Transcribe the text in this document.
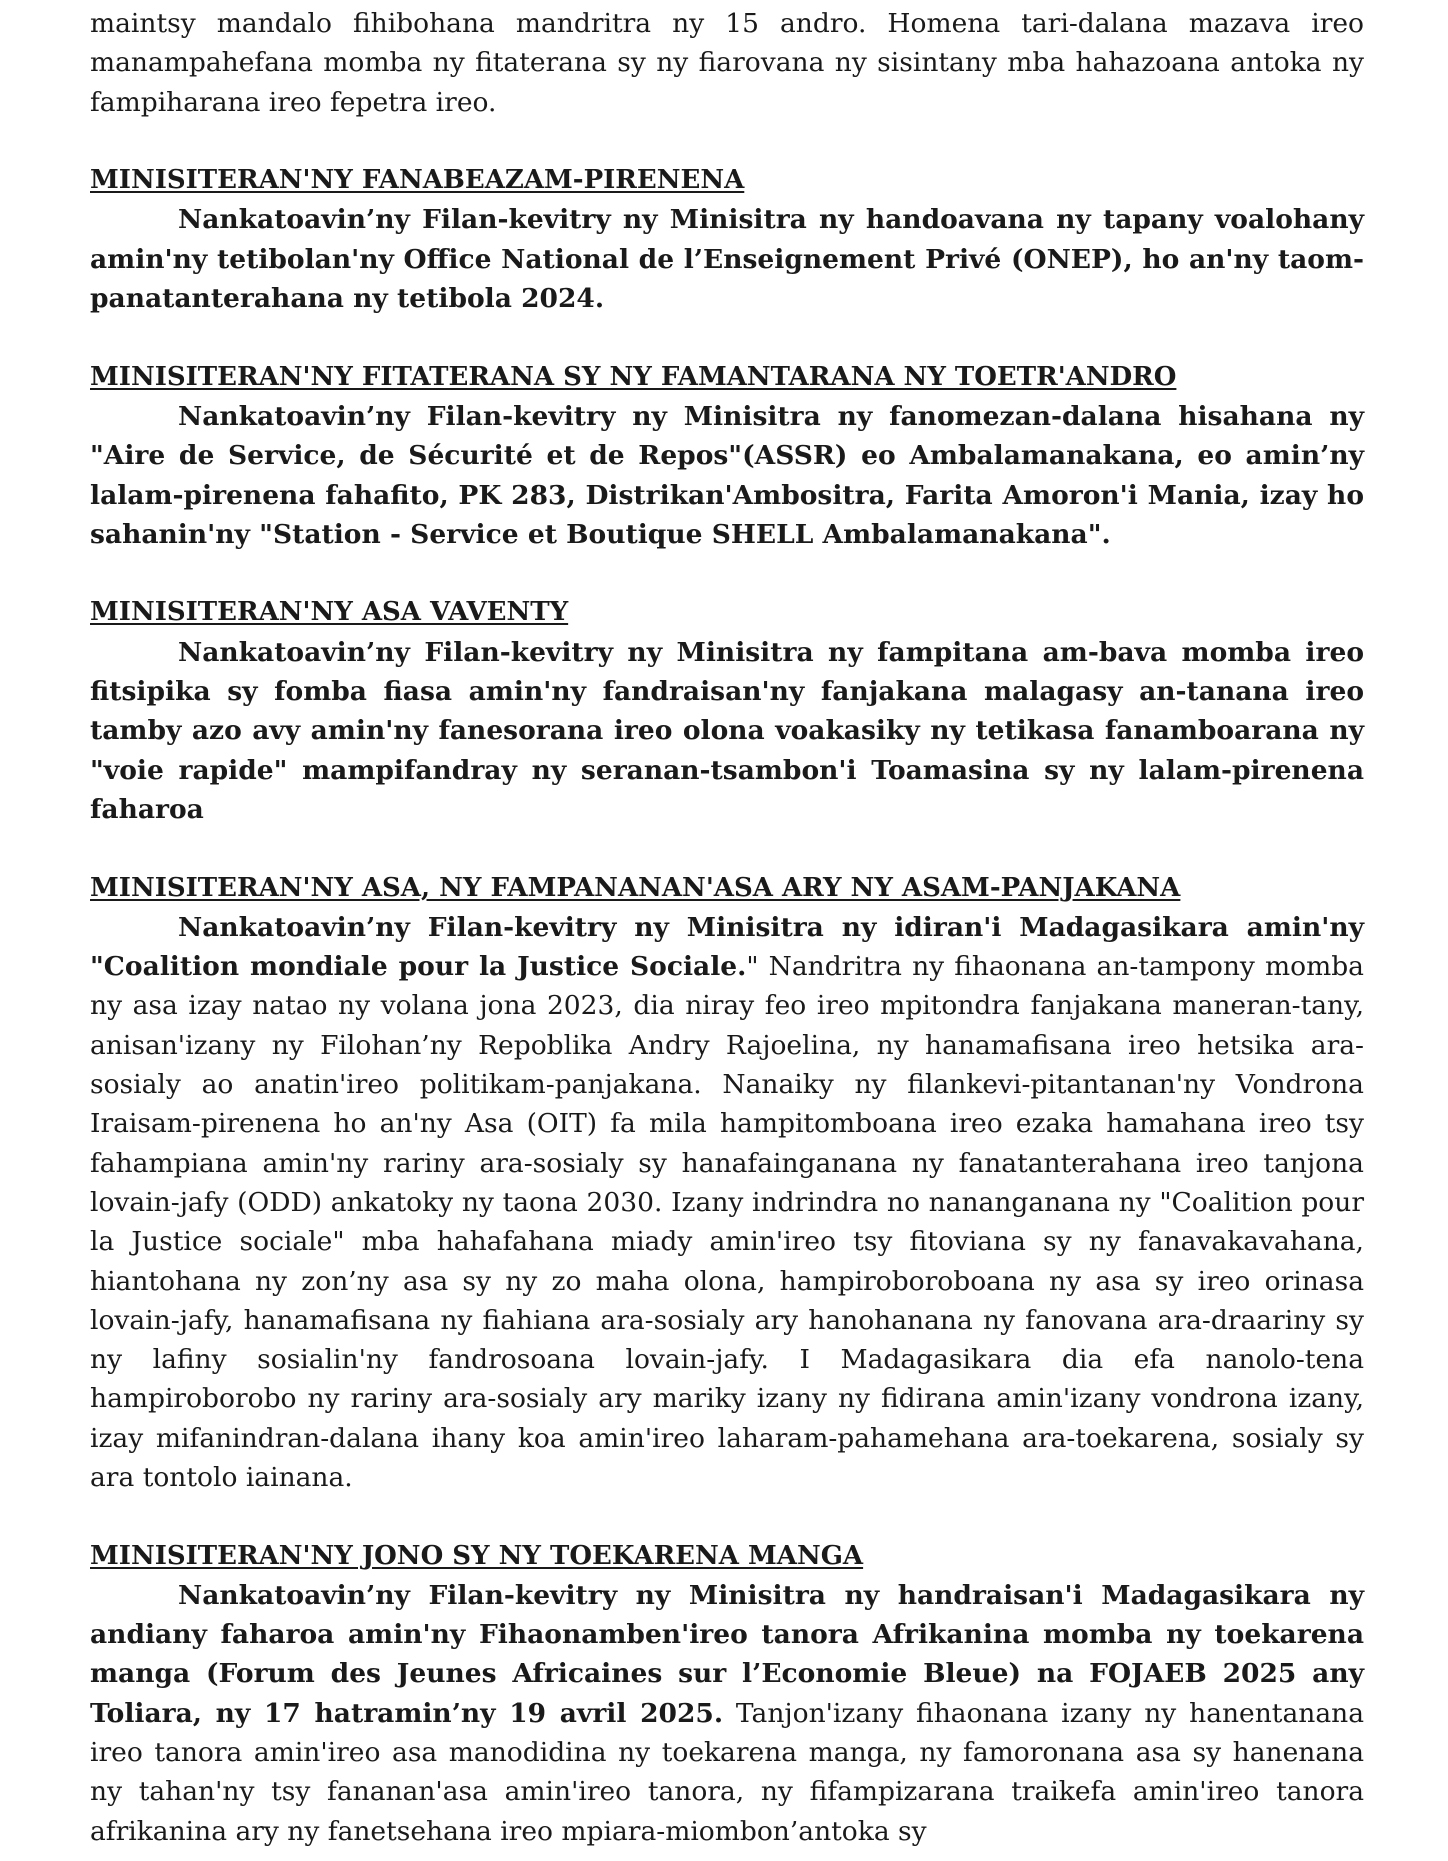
maintsy mandalo fihibohana mandritra ny 15 andro. Homena tari-dalana mazava ireo manampahefana momba ny fitaterana sy ny fiarovana ny sisintany mba hahazoana antoka ny fampiharana ireo fepetra ireo.

MINISITERAN'NY FANABEAZAM-PIRENENA

Nankatoavin’ny Filan-kevitry ny Minisitra ny handoavana ny tapany voalohany amin'ny tetibolan'ny Office National de l’Enseignement Privé (ONEP), ho an'ny taom-panatanterahana ny tetibola 2024.

MINISITERAN'NY FITATERANA SY NY FAMANTARANA NY TOETR'ANDRO

Nankatoavin’ny Filan-kevitry ny Minisitra ny fanomezan-dalana hisahana ny "Aire de Service, de Sécurité et de Repos"(ASSR) eo Ambalamanakana, eo amin’ny lalam-pirenena fahafito, PK 283, Distrikan'Ambositra, Farita Amoron'i Mania, izay ho sahanin'ny "Station - Service et Boutique SHELL Ambalamanakana".

MINISITERAN'NY ASA VAVENTY

Nankatoavin’ny Filan-kevitry ny Minisitra ny fampitana am-bava momba ireo fitsipika sy fomba fiasa amin'ny fandraisan'ny fanjakana malagasy an-tanana ireo tamby azo avy amin'ny fanesorana ireo olona voakasiky ny tetikasa fanamboarana ny "voie rapide" mampifandray ny seranan-tsambon'i Toamasina sy ny lalam-pirenena faharoa

MINISITERAN'NY ASA, NY FAMPANANAN'ASA ARY NY ASAM-PANJAKANA

Nankatoavin’ny Filan-kevitry ny Minisitra ny idiran'i Madagasikara amin'ny "Coalition mondiale pour la Justice Sociale." Nandritra ny fihaonana an-tampony momba ny asa izay natao ny volana jona 2023, dia niray feo ireo mpitondra fanjakana maneran-tany, anisan'izany ny Filohan’ny Repoblika Andry Rajoelina, ny hanamafisana ireo hetsika ara-sosialy ao anatin'ireo politikam-panjakana. Nanaiky ny filankevi-pitantanan'ny Vondrona Iraisam-pirenena ho an'ny Asa (OIT) fa mila hampitomboana ireo ezaka hamahana ireo tsy fahampiana amin'ny rariny ara-sosialy sy hanafainganana ny fanatanterahana ireo tanjona lovain-jafy (ODD) ankatoky ny taona 2030. Izany indrindra no nananganana ny "Coalition pour la Justice sociale" mba hahafahana miady amin'ireo tsy fitoviana sy ny fanavakavahana, hiantohana ny zon’ny asa sy ny zo maha olona, hampiroboroboana ny asa sy ireo orinasa lovain-jafy, hanamafisana ny fiahiana ara-sosialy ary hanohanana ny fanovana ara-draariny sy ny lafiny sosialin'ny fandrosoana lovain-jafy. I Madagasikara dia efa nanolo-tena hampiroborobo ny rariny ara-sosialy ary mariky izany ny fidirana amin'izany vondrona izany, izay mifanindran-dalana ihany koa amin'ireo laharam-pahamehana ara-toekarena, sosialy sy ara tontolo iainana.

MINISITERAN'NY JONO SY NY TOEKARENA MANGA

Nankatoavin’ny Filan-kevitry ny Minisitra ny handraisan'i Madagasikara ny andiany faharoa amin'ny Fihaonamben'ireo tanora Afrikanina momba ny toekarena manga (Forum des Jeunes Africaines sur l’Economie Bleue) na FOJAEB 2025 any Toliara, ny 17 hatramin’ny 19 avril 2025. Tanjon'izany fihaonana izany ny hanentanana ireo tanora amin'ireo asa manodidina ny toekarena manga, ny famoronana asa sy hanenana ny tahan'ny tsy fananan'asa amin'ireo tanora, ny fifampizarana traikefa amin'ireo tanora afrikanina ary ny fanetsehana ireo mpiara-miombon’antoka sy
